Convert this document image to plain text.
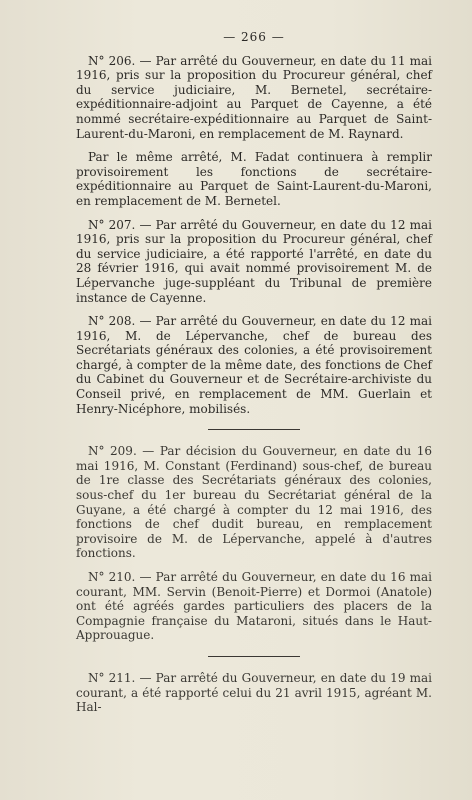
— 266 —

N° 206. — Par arrêté du Gouverneur, en date du 11 mai 1916, pris sur la proposition du Procureur général, chef du service judiciaire, M. Bernetel, secrétaire-expéditionnaire-adjoint au Parquet de Cayenne, a été nommé secrétaire-expéditionnaire au Parquet de Saint-Laurent-du-Maroni, en remplacement de M. Raynard.

Par le même arrêté, M. Fadat continuera à remplir provisoirement les fonctions de secrétaire-expéditionnaire au Parquet de Saint-Laurent-du-Maroni, en remplacement de M. Bernetel.

N° 207. — Par arrêté du Gouverneur, en date du 12 mai 1916, pris sur la proposition du Procureur général, chef du service judiciaire, a été rapporté l'arrêté, en date du 28 février 1916, qui avait nommé provisoirement M. de Lépervanche juge-suppléant du Tribunal de première instance de Cayenne.

N° 208. — Par arrêté du Gouverneur, en date du 12 mai 1916, M. de Lépervanche, chef de bureau des Secrétariats généraux des colonies, a été provisoirement chargé, à compter de la même date, des fonctions de Chef du Cabinet du Gouverneur et de Secrétaire-archiviste du Conseil privé, en remplacement de MM. Guerlain et Henry-Nicéphore, mobilisés.

N° 209. — Par décision du Gouverneur, en date du 16 mai 1916, M. Constant (Ferdinand) sous-chef, de bureau de 1re classe des Secrétariats généraux des colonies, sous-chef du 1er bureau du Secrétariat général de la Guyane, a été chargé à compter du 12 mai 1916, des fonctions de chef dudit bureau, en remplacement provisoire de M. de Lépervanche, appelé à d'autres fonctions.

N° 210. — Par arrêté du Gouverneur, en date du 16 mai courant, MM. Servin (Benoit-Pierre) et Dormoi (Anatole) ont été agréés gardes particuliers des placers de la Compagnie française du Mataroni, situés dans le Haut-Approuague.

N° 211. — Par arrêté du Gouverneur, en date du 19 mai courant, a été rapporté celui du 21 avril 1915, agréant M. Hal-
